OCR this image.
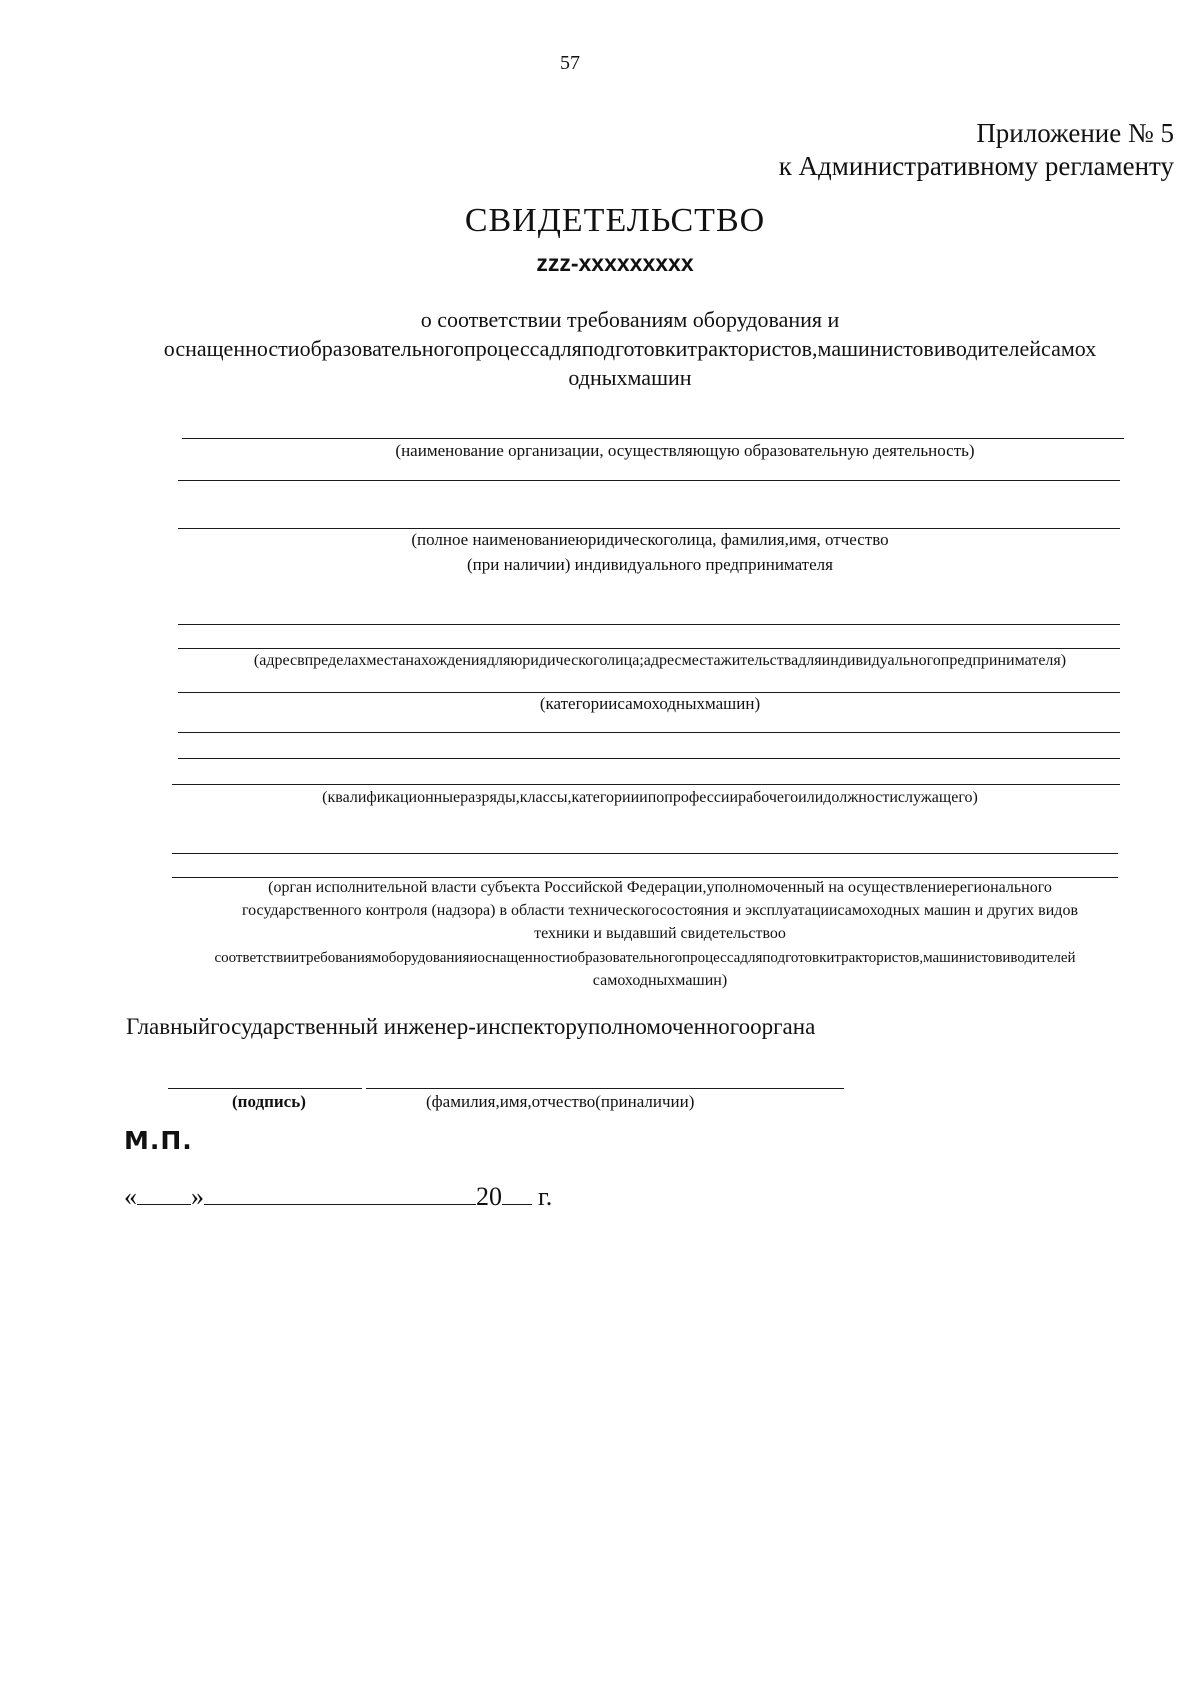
57
Приложение № 5
к Административному регламенту
СВИДЕТЕЛЬСТВО
zzz-xxxxxxxxx
о соответствии требованиям оборудования и
оснащенностиобразовательногопроцессадляподготовкитрактористов,машинистовиводителейсамох
одныхмашин
(наименование организации, осуществляющую образовательную деятельность)
(полное наименованиеюридическоголица, фамилия,имя, отчество
(при наличии) индивидуального предпринимателя
(адресвпределахместанахождениядляюридическоголица;адресместажительствадляиндивидуальногопредпринимателя)
(категориисамоходныхмашин)
(квалификационныеразряды,классы,категорииипопрофессиирабочегоилидолжностислужащего)
(орган исполнительной власти субъекта Российской Федерации,уполномоченный на осуществлениерегионального
государственного контроля (надзора) в области техническогосостояния и эксплуатациисамоходных машин и других видов
техники и выдавший свидетельствоо
соответствиитребованиямоборудованияиоснащенностиобразовательногопроцессадляподготовкитрактористов,машинистовиводителей
самоходныхмашин)
Главныйгосударственный инженер-инспекторуполномоченногооргана
(подпись)	(фамилия,имя,отчество(приналичии)
М.П.
« »	20 г.
